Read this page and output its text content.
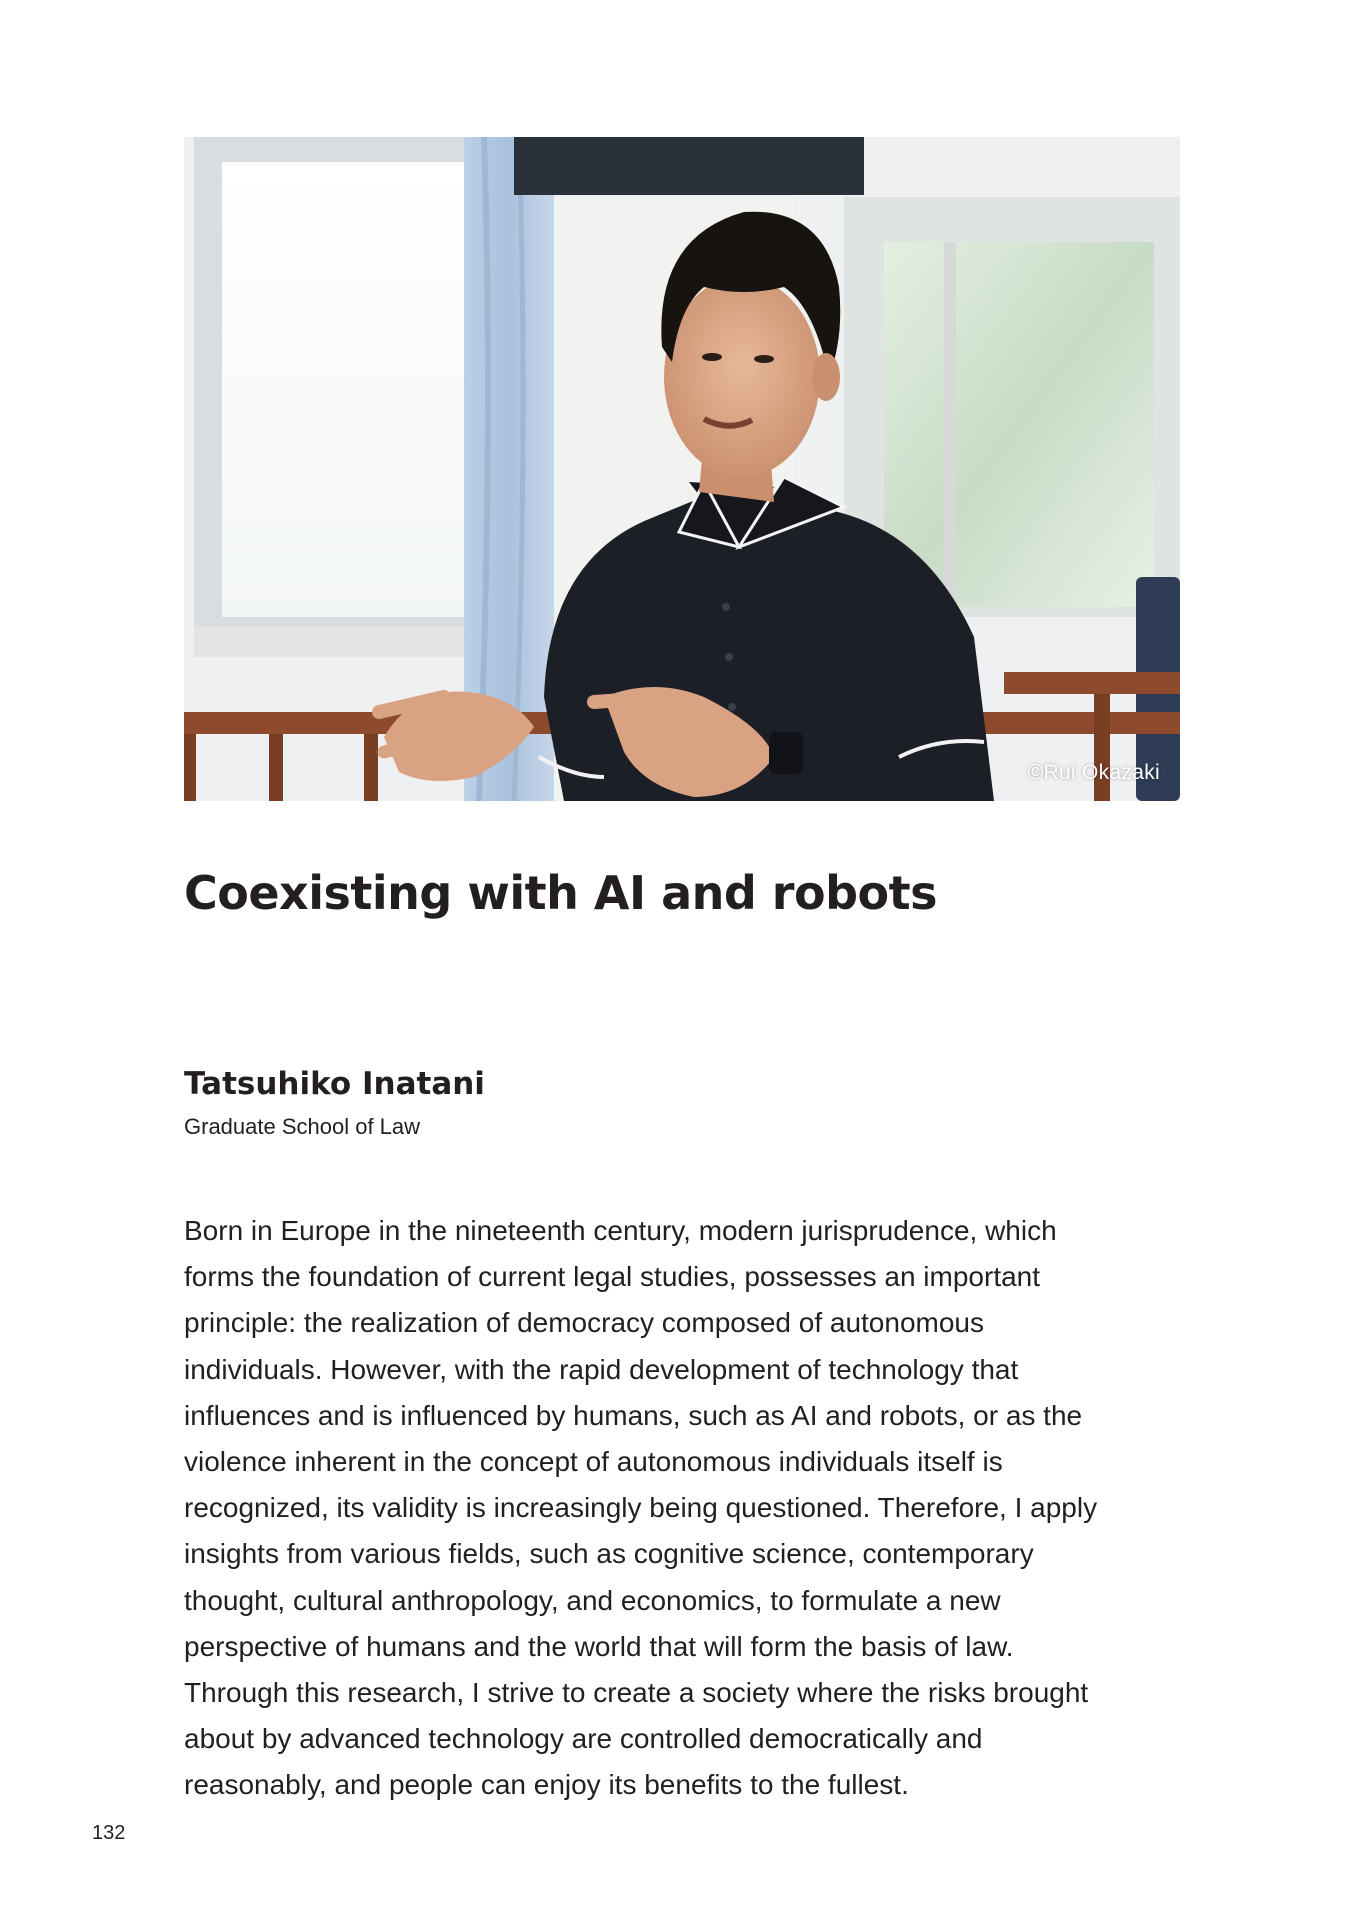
©Rui Okazaki
Coexisting with AI and robots
Tatsuhiko Inatani

Graduate School of Law

Born in Europe in the nineteenth century, modern jurisprudence, which
forms the foundation of current legal studies, possesses an important
principle: the realization of democracy composed of autonomous
individuals. However, with the rapid development of technology that
influences and is influenced by humans, such as AI and robots, or as the
violence inherent in the concept of autonomous individuals itself is
recognized, its validity is increasingly being questioned. Therefore, I apply
insights from various fields, such as cognitive science, contemporary
thought, cultural anthropology, and economics, to formulate a new
perspective of humans and the world that will form the basis of law.
Through this research, I strive to create a society where the risks brought
about by advanced technology are controlled democratically and
reasonably, and people can enjoy its benefits to the fullest.

132
